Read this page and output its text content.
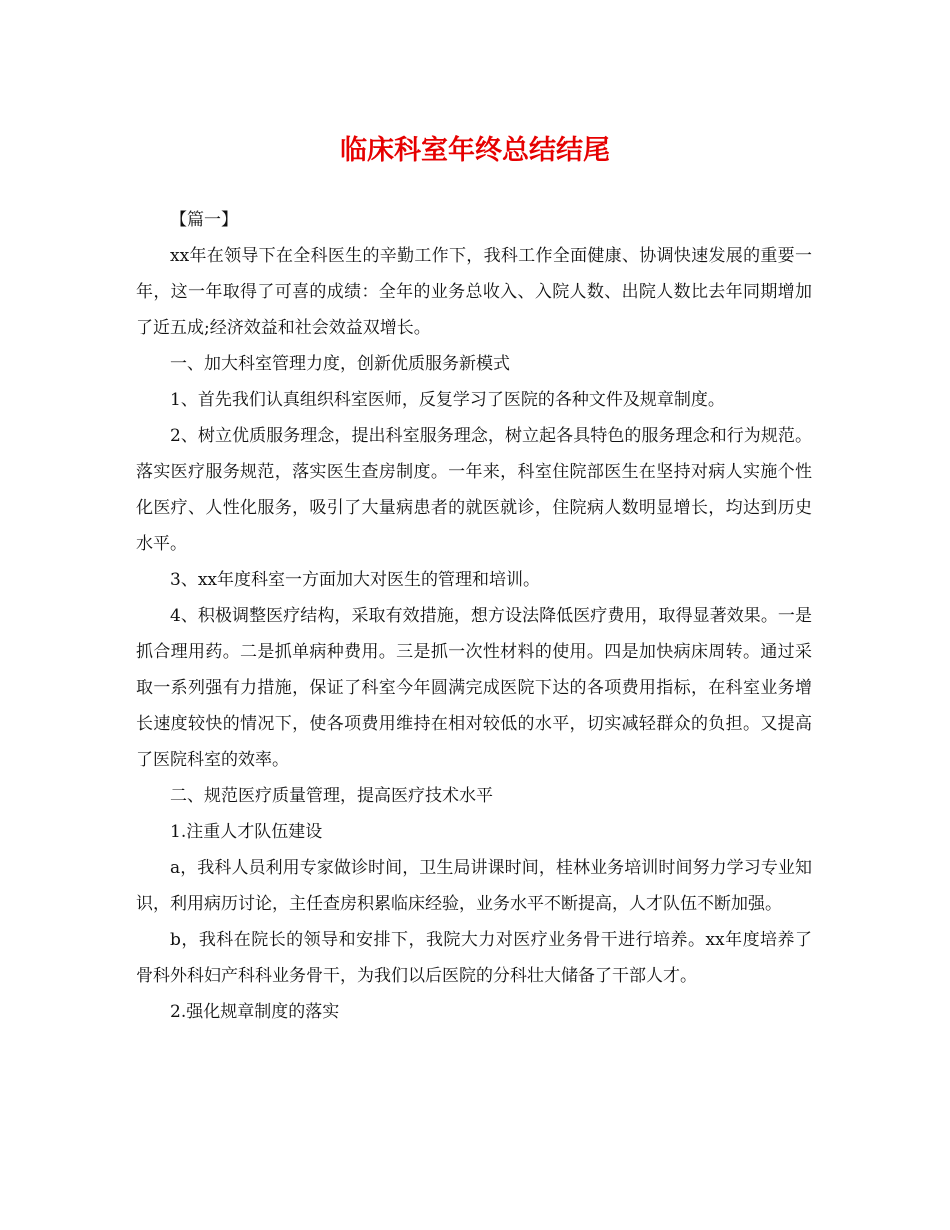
临床科室年终总结结尾

【篇一】

xx年在领导下在全科医生的辛勤工作下，我科工作全面健康、协调快速发展的重要一年，这一年取得了可喜的成绩：全年的业务总收入、入院人数、出院人数比去年同期增加了近五成;经济效益和社会效益双增长。

一、加大科室管理力度，创新优质服务新模式

1、首先我们认真组织科室医师，反复学习了医院的各种文件及规章制度。

2、树立优质服务理念，提出科室服务理念，树立起各具特色的服务理念和行为规范。落实医疗服务规范，落实医生查房制度。一年来，科室住院部医生在坚持对病人实施个性化医疗、人性化服务，吸引了大量病患者的就医就诊，住院病人数明显增长，均达到历史水平。

3、xx年度科室一方面加大对医生的管理和培训。

4、积极调整医疗结构，采取有效措施，想方设法降低医疗费用，取得显著效果。一是抓合理用药。二是抓单病种费用。三是抓一次性材料的使用。四是加快病床周转。通过采取一系列强有力措施，保证了科室今年圆满完成医院下达的各项费用指标，在科室业务增长速度较快的情况下，使各项费用维持在相对较低的水平，切实减轻群众的负担。又提高了医院科室的效率。

二、规范医疗质量管理，提高医疗技术水平

1.注重人才队伍建设

a，我科人员利用专家做诊时间，卫生局讲课时间，桂林业务培训时间努力学习专业知识，利用病历讨论，主任查房积累临床经验，业务水平不断提高，人才队伍不断加强。

b，我科在院长的领导和安排下，我院大力对医疗业务骨干进行培养。xx年度培养了骨科外科妇产科科业务骨干，为我们以后医院的分科壮大储备了干部人才。

2.强化规章制度的落实
